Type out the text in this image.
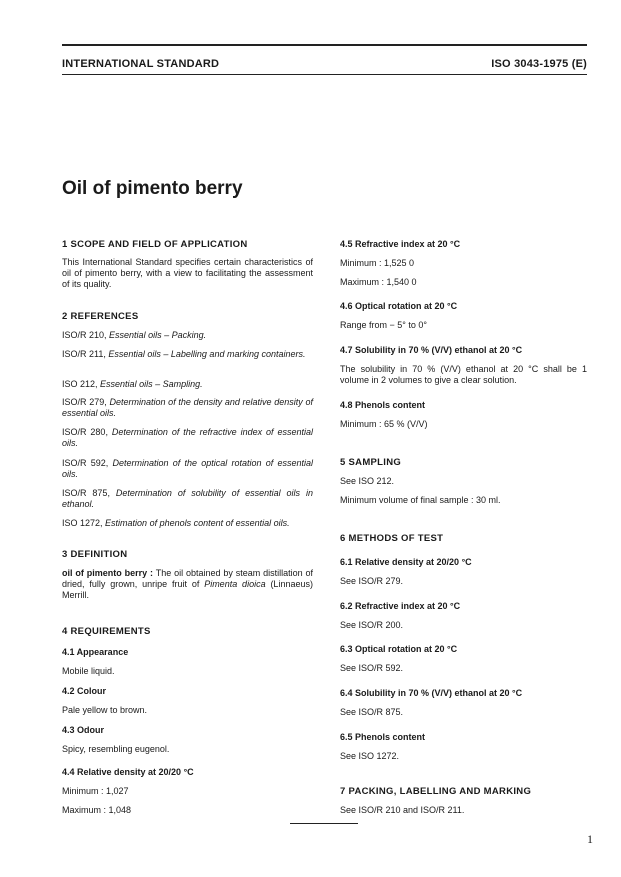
INTERNATIONAL STANDARD	ISO 3043-1975 (E)
Oil of pimento berry
1 SCOPE AND FIELD OF APPLICATION
This International Standard specifies certain characteristics of oil of pimento berry, with a view to facilitating the assessment of its quality.
2 REFERENCES
ISO/R 210, Essential oils – Packing.
ISO/R 211, Essential oils – Labelling and marking containers.
ISO 212, Essential oils – Sampling.
ISO/R 279, Determination of the density and relative density of essential oils.
ISO/R 280, Determination of the refractive index of essential oils.
ISO/R 592, Determination of the optical rotation of essential oils.
ISO/R 875, Determination of solubility of essential oils in ethanol.
ISO 1272, Estimation of phenols content of essential oils.
3 DEFINITION
oil of pimento berry : The oil obtained by steam distillation of dried, fully grown, unripe fruit of Pimenta dioica (Linnaeus) Merrill.
4 REQUIREMENTS
4.1 Appearance
Mobile liquid.
4.2 Colour
Pale yellow to brown.
4.3 Odour
Spicy, resembling eugenol.
4.4 Relative density at 20/20 °C
Minimum : 1,027
Maximum : 1,048
4.5 Refractive index at 20 °C
Minimum : 1,525 0
Maximum : 1,540 0
4.6 Optical rotation at 20 °C
Range from − 5° to 0°
4.7 Solubility in 70 % (V/V) ethanol at 20 °C
The solubility in 70 % (V/V) ethanol at 20 °C shall be 1 volume in 2 volumes to give a clear solution.
4.8 Phenols content
Minimum : 65 % (V/V)
5 SAMPLING
See ISO 212.
Minimum volume of final sample : 30 ml.
6 METHODS OF TEST
6.1 Relative density at 20/20 °C
See ISO/R 279.
6.2 Refractive index at 20 °C
See ISO/R 200.
6.3 Optical rotation at 20 °C
See ISO/R 592.
6.4 Solubility in 70 % (V/V) ethanol at 20 °C
See ISO/R 875.
6.5 Phenols content
See ISO 1272.
7 PACKING, LABELLING AND MARKING
See ISO/R 210 and ISO/R 211.
1
